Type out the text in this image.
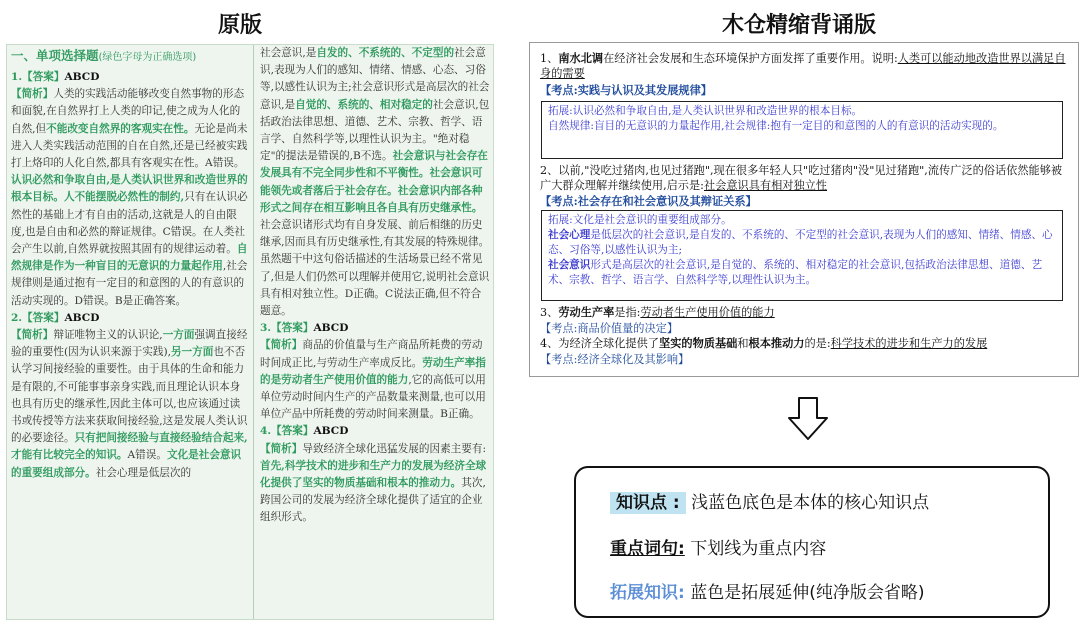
原版	木仓精缩背诵版
一、单项选择题(绿色字母为正确选项)

1.【答案】ABCD

【简析】人类的实践活动能够改变自然事物的形态和面貌,在自然界打上人类的印记,使之成为人化的自然,但不能改变自然界的客观实在性。无论是尚未进入人类实践活动范围的自在自然,还是已经被实践打上烙印的人化自然,都具有客观实在性。A错误。认识必然和争取自由,是人类认识世界和改造世界的根本目标。人不能摆脱必然性的制约,只有在认识必然性的基础上才有自由的活动,这就是人的自由限度,也是自由和必然的辩证规律。C错误。在人类社会产生以前,自然界就按照其固有的规律运动着。自然规律是作为一种盲目的无意识的力量起作用,社会规律则是通过抱有一定目的和意图的人的有意识的活动实现的。D错误。B是正确答案。

2.【答案】ABCD

【简析】辩证唯物主义的认识论,一方面强调直接经验的重要性(因为认识来源于实践),另一方面也不否认学习间接经验的重要性。由于具体的生命和能力是有限的,不可能事事亲身实践,而且理论认识本身也具有历史的继承性,因此主体可以,也应该通过读书或传授等方法来获取间接经验,这是发展人类认识的必要途径。只有把间接经验与直接经验结合起来,才能有比较完全的知识。A错误。文化是社会意识的重要组成部分。社会心理是低层次的

社会意识,是自发的、不系统的、不定型的社会意识,表现为人们的感知、情绪、情感、心态、习俗等,以感性认识为主;社会意识形式是高层次的社会意识,是自觉的、系统的、相对稳定的社会意识,包括政治法律思想、道德、艺术、宗教、哲学、语言学、自然科学等,以理性认识为主。"绝对稳定"的提法是错误的,B不选。社会意识与社会存在发展具有不完全同步性和不平衡性。社会意识可能领先或者落后于社会存在。社会意识内部各种形式之间存在相互影响且各自具有历史继承性。社会意识诸形式均有自身发展、前后相继的历史继承,因而具有历史继承性,有其发展的特殊规律。虽然题干中这句俗话描述的生活场景已经不常见了,但是人们仍然可以理解并使用它,说明社会意识具有相对独立性。D正确。C说法正确,但不符合题意。

3.【答案】ABCD

【简析】商品的价值量与生产商品所耗费的劳动时间成正比,与劳动生产率成反比。劳动生产率指的是劳动者生产使用价值的能力,它的高低可以用单位劳动时间内生产的产品数量来测量,也可以用单位产品中所耗费的劳动时间来测量。B正确。

4.【答案】ABCD

【简析】导致经济全球化迅猛发展的因素主要有:首先,科学技术的进步和生产力的发展为经济全球化提供了坚实的物质基础和根本的推动力。其次,跨国公司的发展为经济全球化提供了适宜的企业组织形式。

1、南水北调在经济社会发展和生态环境保护方面发挥了重要作用。说明:人类可以能动地改造世界以满足自身的需要
【考点:实践与认识及其发展规律】
拓展:认识必然和争取自由,是人类认识世界和改造世界的根本目标。
自然规律:盲目的无意识的力量起作用,社会规律:抱有一定目的和意图的人的有意识的活动实现的。
2、以前,"没吃过猪肉,也见过猪跑",现在很多年轻人只"吃过猪肉"没"见过猪跑",流传广泛的俗话依然能够被广大群众理解并继续使用,启示是:社会意识具有相对独立性
【考点:社会存在和社会意识及其辩证关系】
拓展:文化是社会意识的重要组成部分。
社会心理是低层次的社会意识,是自发的、不系统的、不定型的社会意识,表现为人们的感知、情绪、情感、心态、习俗等,以感性认识为主;
社会意识形式是高层次的社会意识,是自觉的、系统的、相对稳定的社会意识,包括政治法律思想、道德、艺术、宗教、哲学、语言学、自然科学等,以理性认识为主。
3、劳动生产率是指:劳动者生产使用价值的能力
【考点:商品价值量的决定】
4、为经济全球化提供了坚实的物质基础和根本推动力的是:科学技术的进步和生产力的发展
【考点:经济全球化及其影响】
知识点 : 浅蓝色底色是本体的核心知识点
重点词句: 下划线为重点内容
拓展知识: 蓝色是拓展延伸(纯净版会省略)
